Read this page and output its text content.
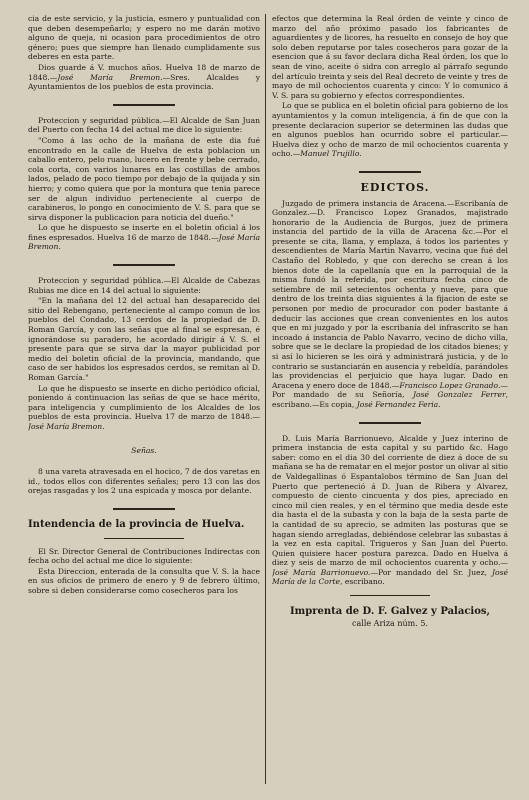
cia de este servicio, y la justicia, esmero y puntualidad con que deben desempeñarlo; y espero no me darán motivo alguno de queja, ni ocasion para procedimientos de otro género; pues que siempre han llenado cumplidamente sus deberes en esta parte.

Dios guarde á V. muchos años. Huelva 18 de marzo de 1848.—José María Bremon.—Sres. Alcaldes y Ayuntamientos de los pueblos de esta provincia.

Proteccion y seguridad pública.—El Alcalde de San Juan del Puerto con fecha 14 del actual me dice lo siguiente:

"Como á las ocho de la mañana de este dia fué encontrado en la calle de Huelva de esta poblacion un caballo entero, pelo ruano, lucero en frente y bebe cerrado, cola corta, con varios lunares en las costillas de ambos lados, pelado de poco tiempo por debajo de la quijada y sin hierro; y como quiera que por la montura que tenia parece ser de algun individuo perteneciente al cuerpo de carabineros, lo pongo en conocimiento de V. S. para que se sirva disponer la publicacion para noticia del dueño."

Lo que he dispuesto se inserte en el boletin oficial á los fines espresados. Huelva 16 de marzo de 1848.—José María Bremon.

Proteccion y seguridad pública.—El Alcalde de Cabezas Rubias me dice en 14 del actual lo siguiente:

"En la mañana del 12 del actual han desaparecido del sitio del Rebengano, perteneciente al campo comun de los pueblos del Condado, 13 cerdos de la propiedad de D. Roman García, y con las señas que al final se espresan, é ignorándose su paradero, he acordado dirigir á V. S. el presente para que se sirva dar la mayor publicidad por medio del boletin oficial de la provincia, mandando, que caso de ser habidos los espresados cerdos, se remitan al D. Roman García."

Lo que he dispuesto se inserte en dicho periódico oficial, poniendo á continuacion las señas de que se hace mérito, para inteligencia y cumplimiento de los Alcaldes de los pueblos de esta provincia. Huelva 17 de marzo de 1848.—José María Bremon.

Señas.

8 una vareta atravesada en el hocico, 7 de dos varetas en id., todos ellos con diferentes señales; pero 13 con las dos orejas rasgadas y los 2 una espicada y mosca por delante.

Intendencia de la provincia de Huelva.

El Sr. Director General de Contribuciones Indirectas con fecha ocho del actual me dice lo siguiente:

Esta Direccion, enterada de la consulta que V. S. la hace en sus oficios de primero de enero y 9 de febrero último, sobre si deben considerarse como cosecheros para los

efectos que determina la Real órden de veinte y cinco de marzo del año próximo pasado los fabricantes de aguardientes y de licores, ha resuelto en consejo de hoy que solo deben reputarse por tales cosecheros para gozar de la esencion que á su favor declara dicha Real órden, los que lo sean de vino, aceite ó sidra con arreglo al párrafo segundo del artículo treinta y seis del Real decreto de veinte y tres de mayo de mil ochocientos cuarenta y cinco: Y lo comunico á V. S. para su gobierno y efectos correspondientes.

Lo que se publica en el boletin oficial para gobierno de los ayuntamientos y la comun inteligencia, á fin de que con la presente declaracion superior se determinen las dudas que en algunos pueblos han ocurrido sobre el particular.—Huelva diez y ocho de marzo de mil ochocientos cuarenta y ocho.—Manuel Trujillo.

EDICTOS.

Juzgado de primera instancia de Aracena.—Escribanía de Gonzalez.—D. Francisco Lopez Granados, majistrado honorario de la Audiencia de Burgos, juez de primera instancia del partido de la villa de Aracena &c.—Por el presente se cita, llama, y emplaza, á todos los parientes y descendientes de María Martin Navarro, vecina que fué del Castaño del Robledo, y que con derecho se crean á los bienos dote de la capellanía que en la parroquial de la misma fundó la referida, por escritura fecha cinco de setiembre de mil setecientos ochenta y nueve, para que dentro de los treinta dias siguientes á la fijacion de este se personen por medio de procurador con poder bastante á deducir las acciones que crean convenientes en los autos que en mi juzgado y por la escribanía del infrascrito se han incoado á instancia de Pablo Navarro, vecino de dicho villa, sobre que se le declare la propiedad de los citados bienes; y si así lo hicieren se les oirá y administrará justicia, y de lo contrario se sustanciarán en ausencia y rebeldía, parándoles las providencias el perjuicio que haya lugar. Dado en Aracena y enero doce de 1848.—Francisco Lopez Granado.—Por mandado de su Señoría, José Gonzalez Ferrer, escribano.—Es copia, José Fernandez Feria.

D. Luis María Barrionuevo, Alcalde y Juez interino de primera instancia de esta capital y su partido &c. Hago saber: como en el dia 30 del corriente de diez á doce de su mañana se ha de rematar en el mejor postor un olivar al sitio de Valdegallinas ó Espantalobos término de San Juan del Puerto que perteneció á D. Juan de Ribera y Alvarez, compuesto de ciento cincuenta y dos pies, apreciado en cinco mil cien reales, y en el término que media desde este dia hasta el de la subasta y con la baja de la sesta parte de la cantidad de su aprecio, se admiten las posturas que se hagan siendo arregladas, debiéndose celebrar las subastas á la vez en esta capital. Trigueros y San Juan del Puerto. Quien quisiere hacer postura parezca. Dado en Huelva á diez y seis de marzo de mil ochocientos cuarenta y ocho.—José María Barrionuevo.—Por mandado del Sr. Juez, José María de la Corte, escribano.

Imprenta de D. F. Galvez y Palacios,
calle Ariza núm. 5.
